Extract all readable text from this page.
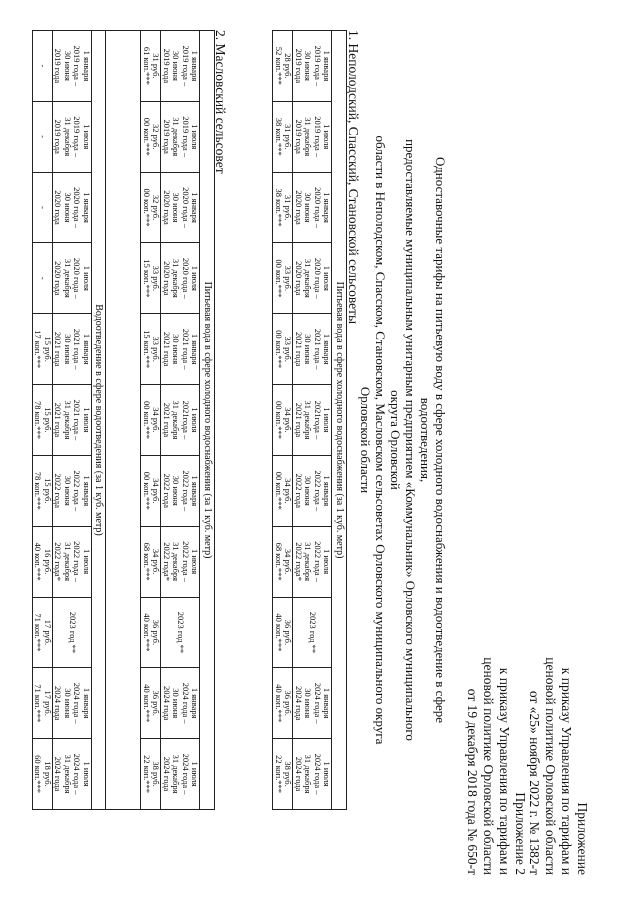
Приложение
к приказу Управления по тарифам и
ценовой политике Орловской области
от «25» ноября 2022 г. № 1382-т
Приложение 2
к приказу Управления по тарифам и
ценовой политике Орловской области
от 19 декабря 2018 года № 650-т
Одноставочные тарифы на питьевую воду в сфере холодного водоснабжения и водоотведение в сфере водоотведения,
предоставляемые муниципальным унитарным предприятием «Коммунальник» Орловского муниципального округа Орловской
области в Неполодском, Спасском, Становском, Масловском сельсоветах Орловского муниципального округа
Орловской области
1. Неполодский, Спасский, Становской сельсоветы
Питьевая вода в сфере холодного водоснабжения (за 1 куб. метр)										

1 января
2019 года –
30 июня
2019 года	1 июля
2019 года –
31 декабря
2019 года	1 января
2020 года –
30 июня
2020 года	1 июля
2020 года –
31 декабря
2020 года	1 января
2021 года –
30 июня
2021 года	1 июля
2021года –
31 декабря
2021 года	1 января
2022 года –
30 июня
2022 года	1 июля
2022 года –
31 декабря
2022 года*	2023 год **	1 января
2024 года –
30 июня
2024 года	1 июля
2024 года –
31 декабря
2024 года

28 руб.
52 коп.***	31 руб.
38 коп.***	31 руб.
38 коп.***	33 руб.
00 коп.***	33 руб.
00 коп.***	34 руб.
00 коп.***	34 руб.
00 коп.***	34 руб.
68 коп.***	36 руб.
40 коп.***	36 руб.
40 коп.***	38 руб.
22 коп.***
2. Масловский сельсовет
Питьевая вода в сфере холодного водоснабжения (за 1 куб. метр)										

1 января
2019 года –
30 июня
2019 года	1 июля
2019 года –
31 декабря
2019 года	1 января
2020 года –
30 июня
2020 года	1 июля
2020 года –
31 декабря
2020 года	1 января
2021 года –
30 июня
2021 года	1 июля
2021года –
31 декабря
2021 года	1 января
2022 года –
30 июня
2022 года	1 июля
2022 года –
31 декабря
2022 года*	2023 год **	1 января
2024 года –
30 июня
2024 года	1 июля
2024 года –
31 декабря
2024 года

31 руб.
61 коп.***	32 руб.
00 коп.***	32 руб.
00 коп.***	33 руб.
15 коп.***	33 руб.
15 коп.***	34 руб.
00 коп.***	34 руб.
00 коп.***	34 руб.
68 коп.***	36 руб.
40 коп.***	36 руб.
40 коп.***	38 руб.
22 коп.***

Водоотведение в сфере водоотведения (за 1 куб. метр)										

1 января
2019 года –
30 июня
2019 года	1 июля
2019 года –
31 декабря
2019 года	1 января
2020 года –
30 июня
2020 года	1 июля
2020 года –
31 декабря
2020 года	1 января
2021 года –
30 июня
2021 года	1 июля
2021 года –
31 декабря
2021 года	1 января
2022 года –
30 июня
2022 года	1 июля
2022 года –
31 декабря
2022 года*	2023 год **	1 января
2024 года –
30 июня
2024 года	1 июля
2024 года –
31 декабря
2024 года

-	-	-	-	15 руб.
17 коп.***	15 руб.
78 коп.***	15 руб.
78 коп.***	16 руб.
40 коп.***	17 руб.
71 коп.***	17 руб.
71 коп.***	18 руб.
60 коп.***
